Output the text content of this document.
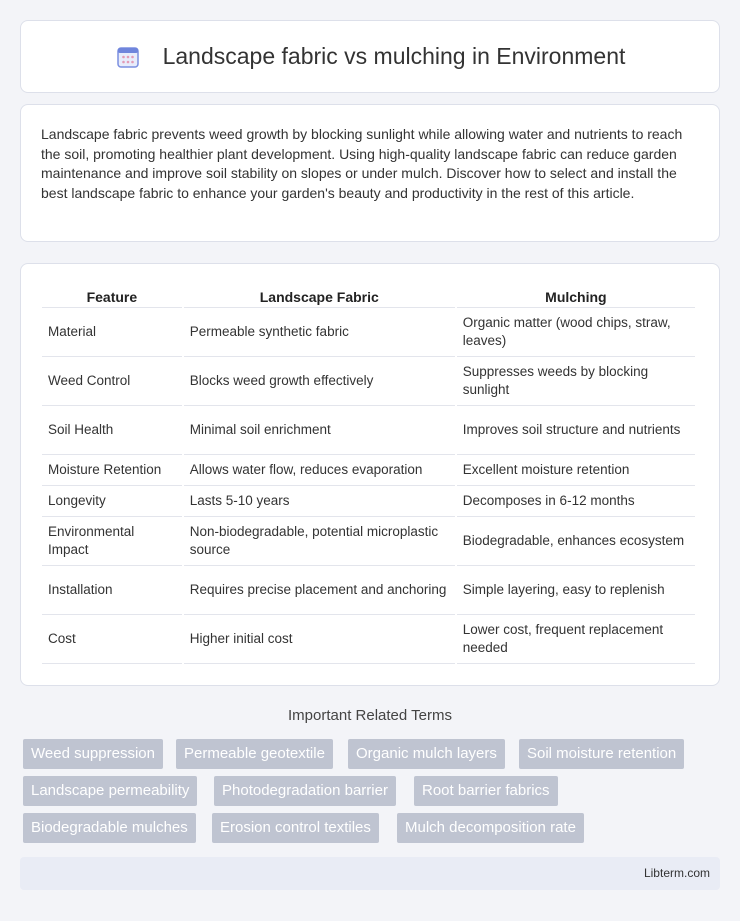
Landscape fabric vs mulching in Environment

Landscape fabric prevents weed growth by blocking sunlight while allowing water and nutrients to reach the soil, promoting healthier plant development. Using high-quality landscape fabric can reduce garden maintenance and improve soil stability on slopes or under mulch. Discover how to select and install the best landscape fabric to enhance your garden's beauty and productivity in the rest of this article.

Feature	Landscape Fabric	Mulching
Material	Permeable synthetic fabric	Organic matter (wood chips, straw, leaves)
Weed Control	Blocks weed growth effectively	Suppresses weeds by blocking sunlight
Soil Health	Minimal soil enrichment	Improves soil structure and nutrients
Moisture Retention	Allows water flow, reduces evaporation	Excellent moisture retention
Longevity	Lasts 5-10 years	Decomposes in 6-12 months
Environmental Impact	Non-biodegradable, potential microplastic source	Biodegradable, enhances ecosystem
Installation	Requires precise placement and anchoring	Simple layering, easy to replenish
Cost	Higher initial cost	Lower cost, frequent replacement needed
Important Related Terms
Weed suppression	Permeable geotextile	Organic mulch layers	Soil moisture retention
Landscape permeability	Photodegradation barrier	Root barrier fabrics
Biodegradable mulches	Erosion control textiles	Mulch decomposition rate
Libterm.com
